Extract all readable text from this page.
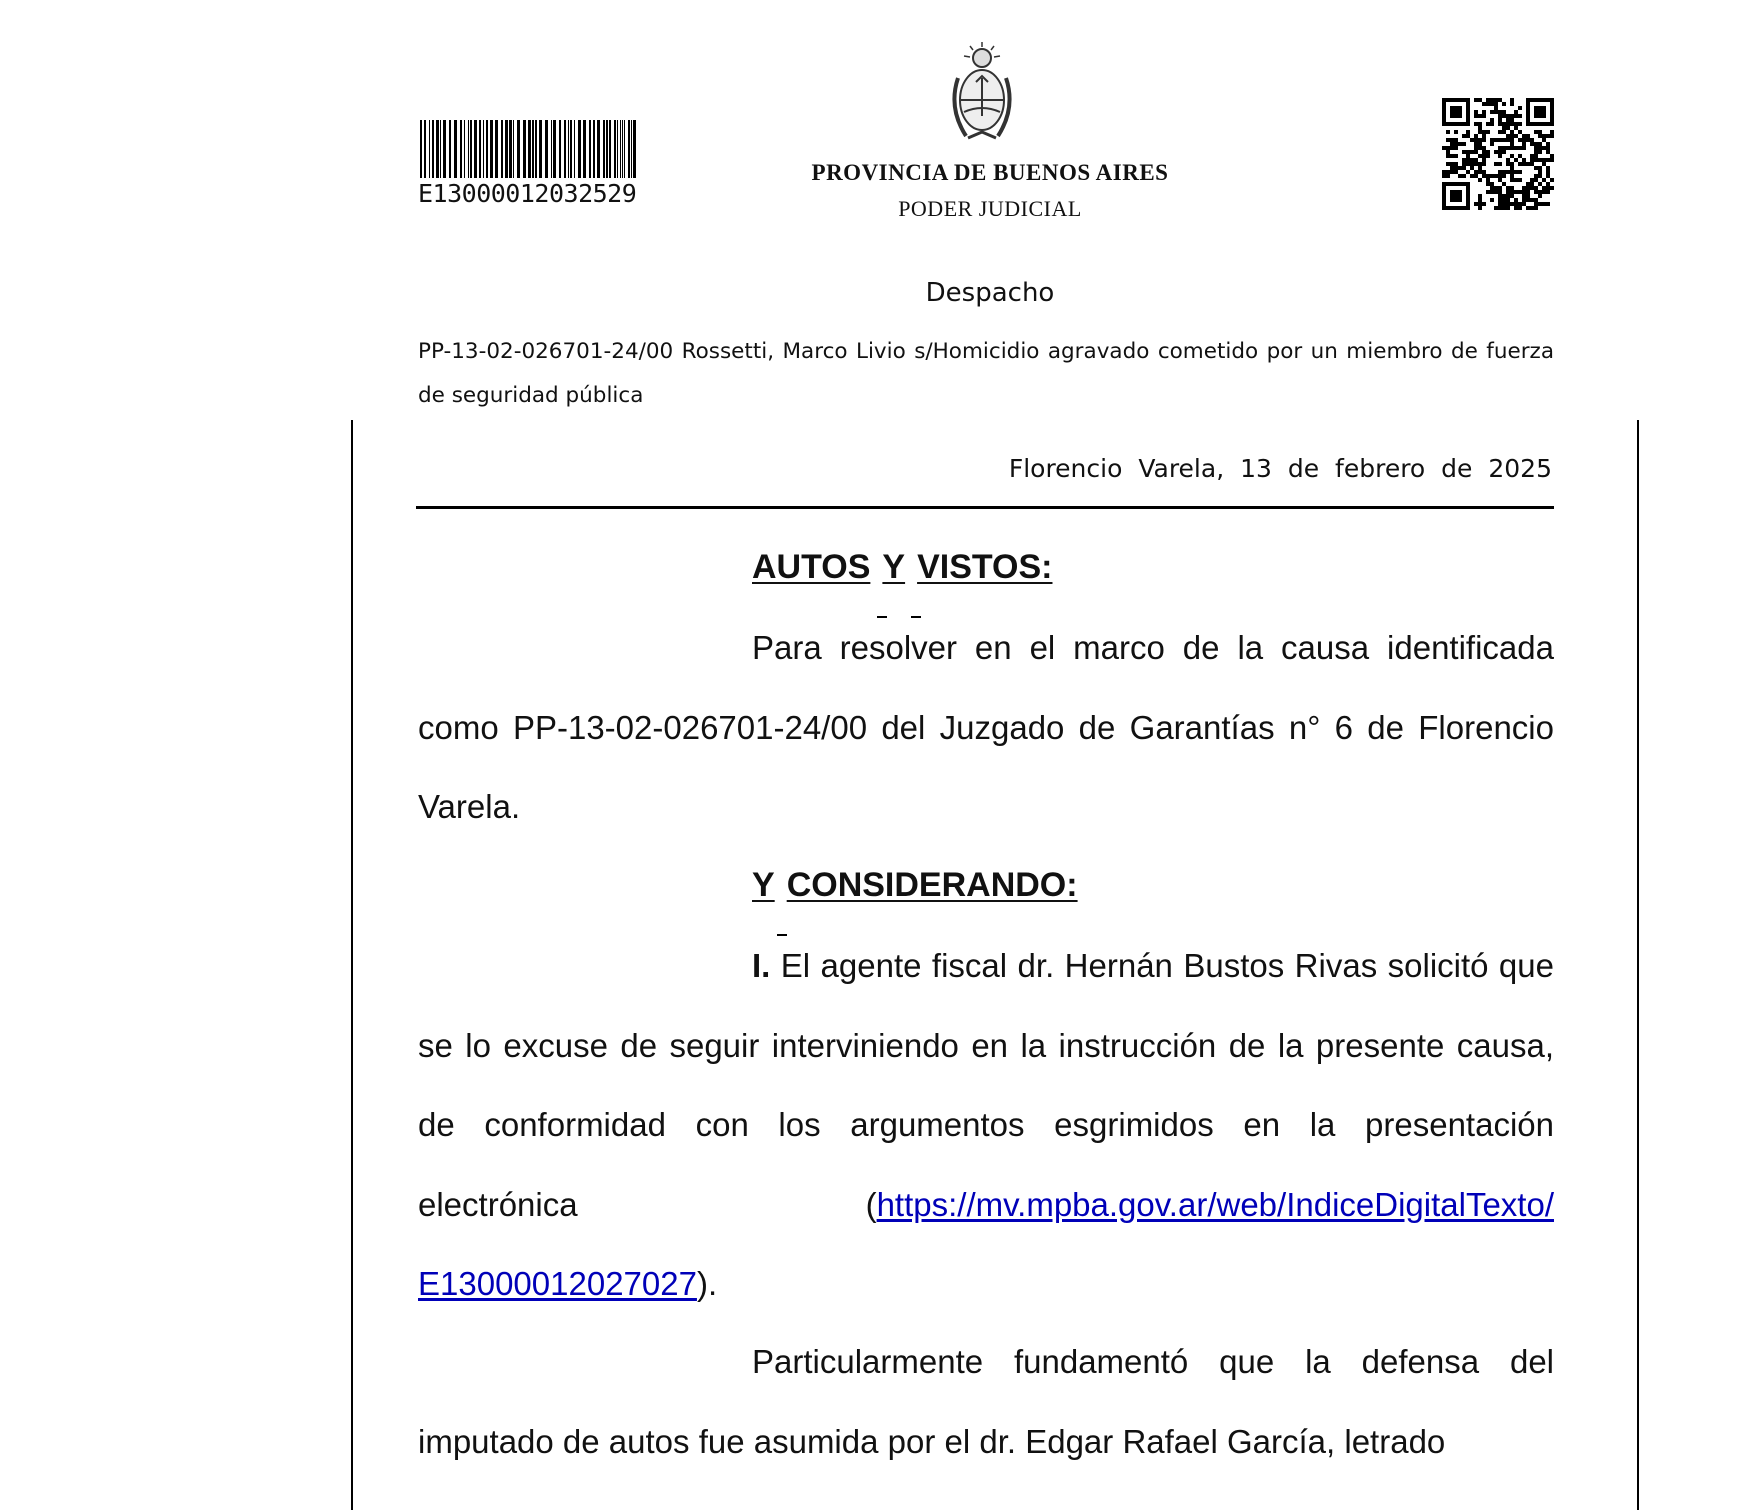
E13000012032529
PROVINCIA DE BUENOS AIRES
PODER JUDICIAL
Despacho
PP-13-02-026701-24/00 Rossetti, Marco Livio s/Homicidio agravado cometido por un miembro de fuerza de seguridad pública
Florencio Varela, 13 de febrero de 2025
AUTOS Y VISTOS:

Para resolver en el marco de la causa identificada como PP-13-02-026701-24/00 del Juzgado de Garantías n° 6 de Florencio Varela.

Y CONSIDERANDO:

I. El agente fiscal dr. Hernán Bustos Rivas solicitó que se lo excuse de seguir interviniendo en la instrucción de la presente causa, de conformidad con los argumentos esgrimidos en la presentación electrónica (https://mv.mpba.gov.ar/web/IndiceDigitalTexto/ E13000012027027).

Particularmente fundamentó que la defensa del imputado de autos fue asumida por el dr. Edgar Rafael García, letrado
